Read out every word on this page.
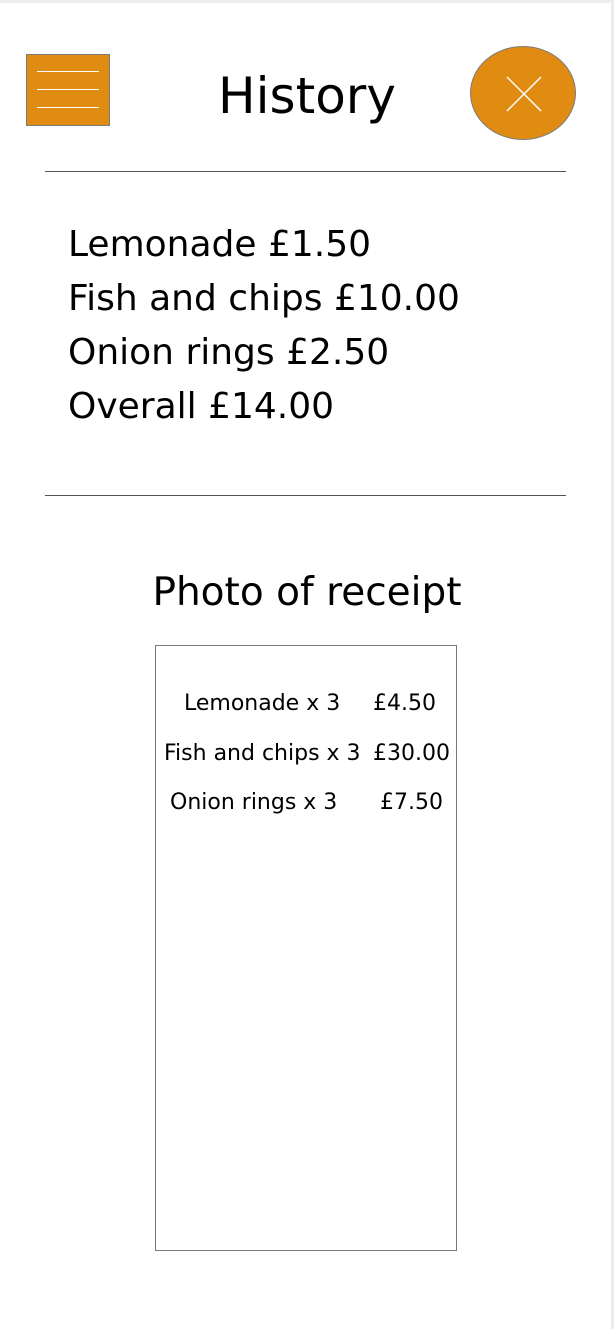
History
Lemonade £1.50
Fish and chips £10.00
Onion rings £2.50
Overall £14.00
Photo of receipt
Lemonade x 3 £4.50
Fish and chips x 3 £30.00
Onion rings x 3 £7.50
